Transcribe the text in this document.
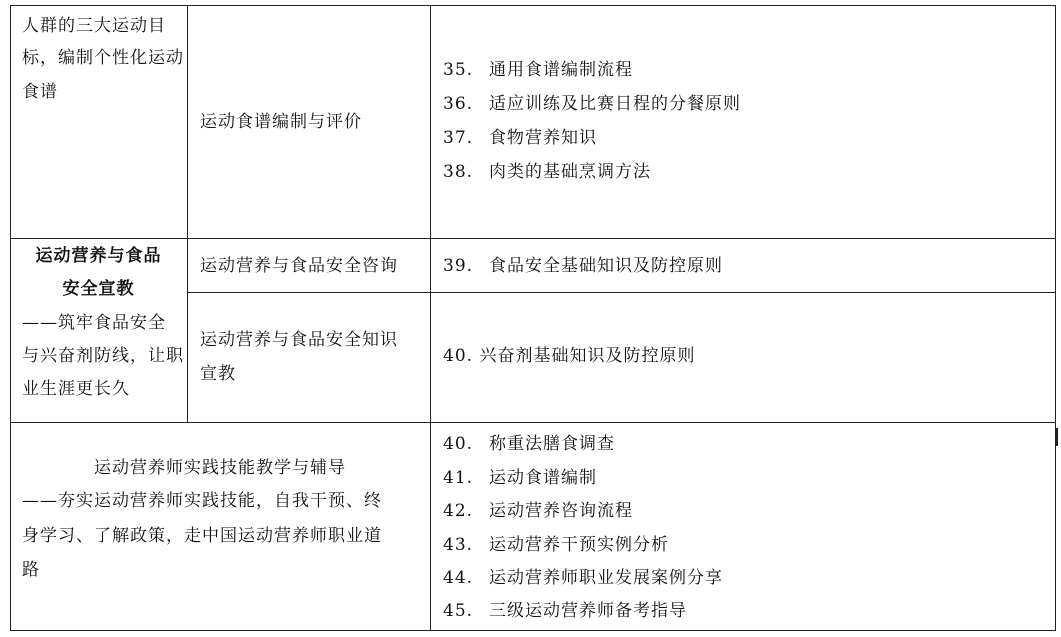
人群的三大运动目
标，编制个性化运动
食谱
运动食谱编制与评价
35. 通用食谱编制流程
36. 适应训练及比赛日程的分餐原则
37. 食物营养知识
38. 肉类的基础烹调方法
运动营养与食品
安全宣教
——筑牢食品安全
与兴奋剂防线，让职
业生涯更长久
运动营养与食品安全咨询	39. 食品安全基础知识及防控原则
运动营养与食品安全知识
宣教
40. 兴奋剂基础知识及防控原则
运动营养师实践技能教学与辅导
——夯实运动营养师实践技能，自我干预、终
身学习、了解政策，走中国运动营养师职业道
路
40. 称重法膳食调查
41. 运动食谱编制
42. 运动营养咨询流程
43. 运动营养干预实例分析
44. 运动营养师职业发展案例分享
45. 三级运动营养师备考指导
